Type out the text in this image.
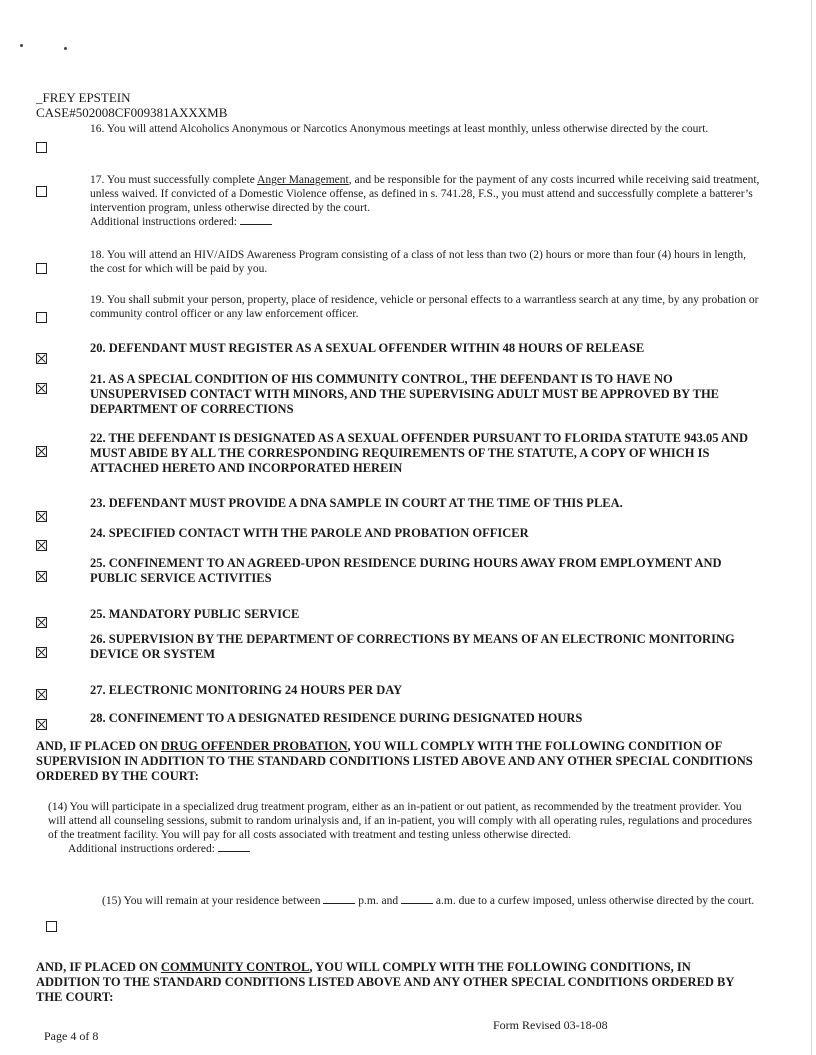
_FREY EPSTEIN
CASE#502008CF009381AXXXMB
16. You will attend Alcoholics Anonymous or Narcotics Anonymous meetings at least monthly, unless otherwise directed by the court.
17. You must successfully complete Anger Management, and be responsible for the payment of any costs incurred while receiving said treatment, unless waived. If convicted of a Domestic Violence offense, as defined in s. 741.28, F.S., you must attend and successfully complete a batterer’s intervention program, unless otherwise directed by the court.
Additional instructions ordered:
18. You will attend an HIV/AIDS Awareness Program consisting of a class of not less than two (2) hours or more than four (4) hours in length, the cost for which will be paid by you.
19. You shall submit your person, property, place of residence, vehicle or personal effects to a warrantless search at any time, by any probation or community control officer or any law enforcement officer.
20. DEFENDANT MUST REGISTER AS A SEXUAL OFFENDER WITHIN 48 HOURS OF RELEASE
21. AS A SPECIAL CONDITION OF HIS COMMUNITY CONTROL, THE DEFENDANT IS TO HAVE NO UNSUPERVISED CONTACT WITH MINORS, AND THE SUPERVISING ADULT MUST BE APPROVED BY THE DEPARTMENT OF CORRECTIONS
22. THE DEFENDANT IS DESIGNATED AS A SEXUAL OFFENDER PURSUANT TO FLORIDA STATUTE 943.05 AND MUST ABIDE BY ALL THE CORRESPONDING REQUIREMENTS OF THE STATUTE, A COPY OF WHICH IS ATTACHED HERETO AND INCORPORATED HEREIN
23. DEFENDANT MUST PROVIDE A DNA SAMPLE IN COURT AT THE TIME OF THIS PLEA.
24. SPECIFIED CONTACT WITH THE PAROLE AND PROBATION OFFICER
25. CONFINEMENT TO AN AGREED-UPON RESIDENCE DURING HOURS AWAY FROM EMPLOYMENT AND PUBLIC SERVICE ACTIVITIES
25. MANDATORY PUBLIC SERVICE
26. SUPERVISION BY THE DEPARTMENT OF CORRECTIONS BY MEANS OF AN ELECTRONIC MONITORING DEVICE OR SYSTEM
27. ELECTRONIC MONITORING 24 HOURS PER DAY
28. CONFINEMENT TO A DESIGNATED RESIDENCE DURING DESIGNATED HOURS
AND, IF PLACED ON DRUG OFFENDER PROBATION, YOU WILL COMPLY WITH THE FOLLOWING CONDITION OF SUPERVISION IN ADDITION TO THE STANDARD CONDITIONS LISTED ABOVE AND ANY OTHER SPECIAL CONDITIONS ORDERED BY THE COURT:
(14) You will participate in a specialized drug treatment program, either as an in-patient or out patient, as recommended by the treatment provider. You will attend all counseling sessions, submit to random urinalysis and, if an in-patient, you will comply with all operating rules, regulations and procedures of the treatment facility. You will pay for all costs associated with treatment and testing unless otherwise directed.
Additional instructions ordered:
(15) You will remain at your residence between	p.m. and	a.m. due to a curfew imposed, unless otherwise directed by the court.
AND, IF PLACED ON COMMUNITY CONTROL, YOU WILL COMPLY WITH THE FOLLOWING CONDITIONS, IN ADDITION TO THE STANDARD CONDITIONS LISTED ABOVE AND ANY OTHER SPECIAL CONDITIONS ORDERED BY THE COURT:
Page 4 of 8
Form Revised 03-18-08
